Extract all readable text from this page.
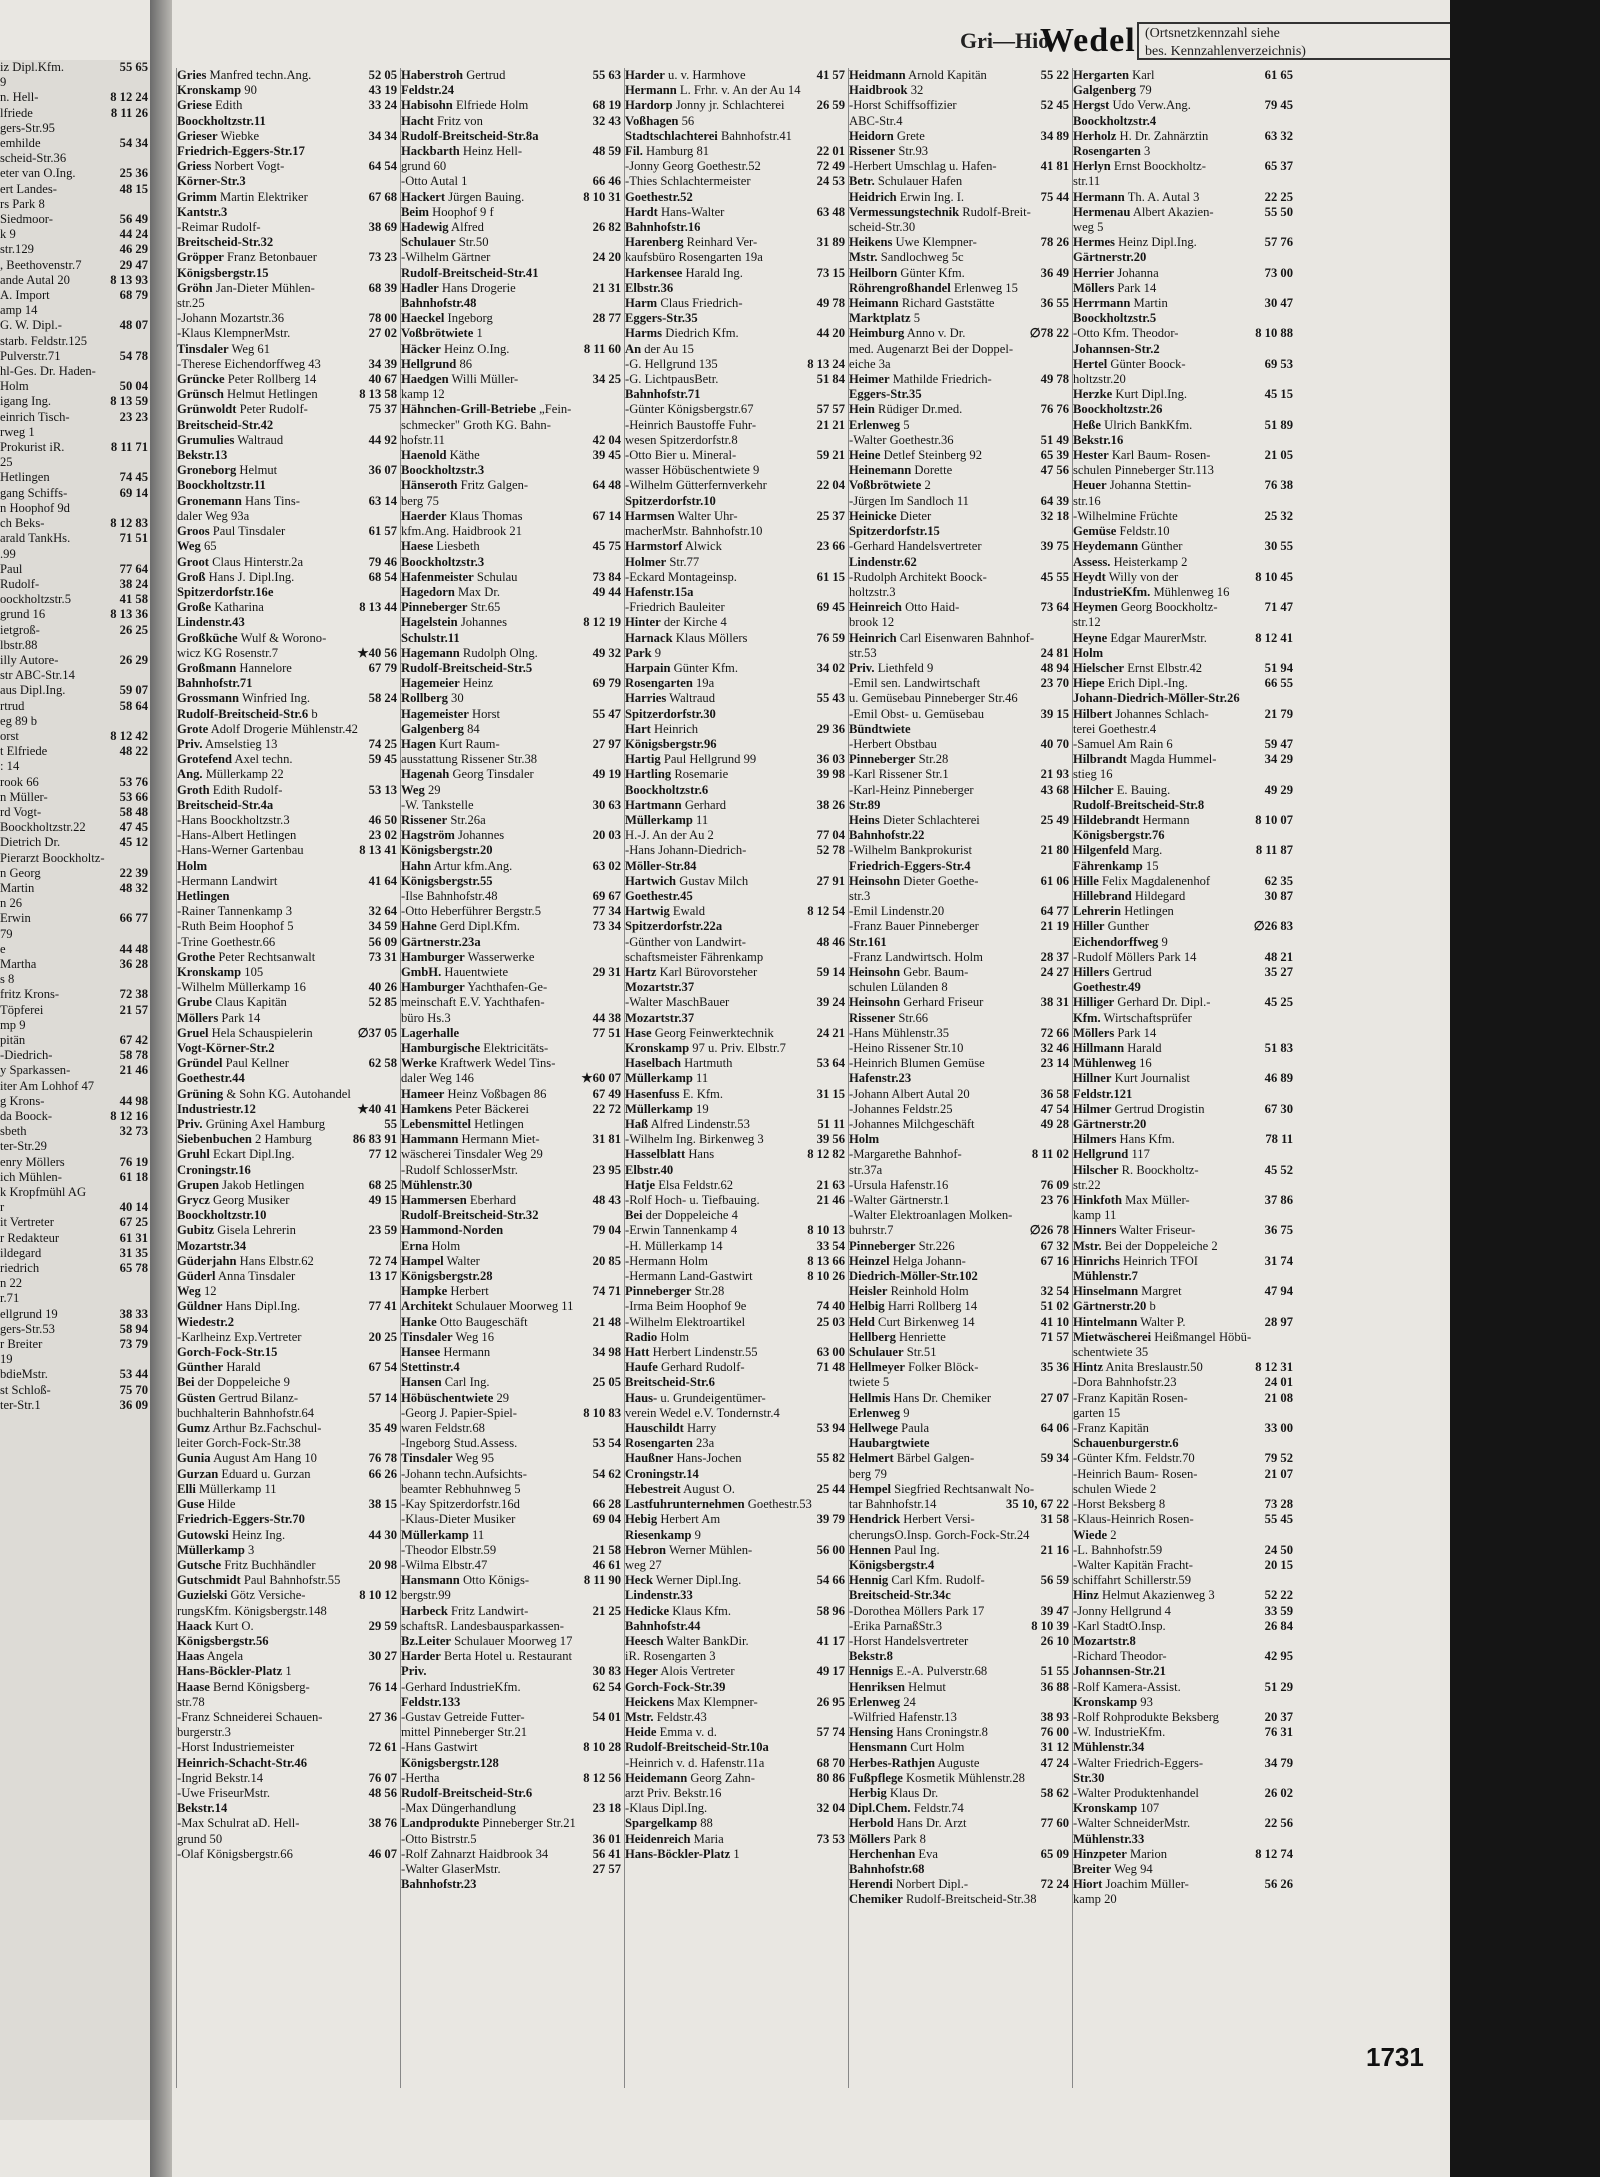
iz Dipl.Kfm.	55 65
9
n. Hell-	8 12 24
lfriede	8 11 26
gers-Str.95
emhilde	54 34
scheid-Str.36
eter van O.Ing.	25 36
ert Landes-	48 15
rs Park 8
Siedmoor-	56 49
k 9	44 24
str.129	46 29
, Beethovenstr.7	29 47
ande Autal 20	8 13 93
A. Import	68 79
amp 14
G. W. Dipl.-	48 07
starb. Feldstr.125
Pulverstr.71	54 78
hl-Ges. Dr. Haden-
Holm	50 04
igang Ing.	8 13 59
einrich Tisch-	23 23
rweg 1
Prokurist iR.	8 11 71
25
Hetlingen	74 45
gang Schiffs-	69 14
n Hoophof 9d
ch Beks-	8 12 83
arald TankHs.	71 51
.99
Paul	77 64
Rudolf-	38 24
oockholtzstr.5	41 58
grund 16	8 13 36
ietgroß-	26 25
lbstr.88
illy Autore-	26 29
str ABC-Str.14
aus Dipl.Ing.	59 07
rtrud	58 64
eg 89 b
orst	8 12 42
t Elfriede	48 22
: 14
rook 66	53 76
n Müller-	53 66
rd Vogt-	58 48
Boockholtzstr.22	47 45
Dietrich Dr.	45 12
Pierarzt Boockholtz-
n Georg	22 39
Martin	48 32
n 26
Erwin	66 77
79
e	44 48
Martha	36 28
s 8
fritz Krons-	72 38
Töpferei	21 57
mp 9
pitän	67 42
-Diedrich-	58 78
y Sparkassen-	21 46
iter Am Lohhof 47
g Krons-	44 98
da Boock-	8 12 16
sbeth	32 73
ter-Str.29
enry Möllers	76 19
ich Mühlen-	61 18
k Kropfmühl AG
r	40 14
it Vertreter	67 25
r Redakteur	61 31
ildegard	31 35
riedrich	65 78
n 22
r.71
ellgrund 19	38 33
gers-Str.53	58 94
r Breiter	73 79
19
bdieMstr.	53 44
st Schloß-	75 70
ter-Str.1	36 09
Gri—Hio
Wedel (Ortsnetzkennzahl siehe
bes. Kennzahlenverzeichnis)
Gries Manfred techn.Ang.	52 05
Kronskamp 90	43 19
Griese Edith	33 24
Boockholtzstr.11
Grieser Wiebke	34 34
Friedrich-Eggers-Str.17
Griess Norbert Vogt-	64 54
Körner-Str.3
Grimm Martin Elektriker	67 68
Kantstr.3
-Reimar Rudolf-	38 69
Breitscheid-Str.32
Gröpper Franz Betonbauer	73 23
Königsbergstr.15
Gröhn Jan-Dieter Mühlen-	68 39
str.25
-Johann Mozartstr.36	78 00
-Klaus KlempnerMstr.	27 02
Tinsdaler Weg 61
-Therese Eichendorffweg 43	34 39
Grüncke Peter Rollberg 14	40 67
Grünsch Helmut Hetlingen	8 13 58
Grünwoldt Peter Rudolf-	75 37
Breitscheid-Str.42
Grumulies Waltraud	44 92
Bekstr.13
Groneborg Helmut	36 07
Boockholtzstr.11
Gronemann Hans Tins-	63 14
daler Weg 93a
Groos Paul Tinsdaler	61 57
Weg 65
Groot Claus Hinterstr.2a	79 46
Groß Hans J. Dipl.Ing.	68 54
Spitzerdorfstr.16e
Große Katharina	8 13 44
Lindenstr.43
Großküche Wulf & Worono-
wicz KG Rosenstr.7	★40 56
Großmann Hannelore	67 79
Bahnhofstr.71
Grossmann Winfried Ing.	58 24
Rudolf-Breitscheid-Str.6 b
Grote Adolf Drogerie Mühlenstr.42
Priv. Amselstieg 13	74 25
Grotefend Axel techn.	59 45
Ang. Müllerkamp 22
Groth Edith Rudolf-	53 13
Breitscheid-Str.4a
-Hans Boockholtzstr.3	46 50
-Hans-Albert Hetlingen	23 02
-Hans-Werner Gartenbau	8 13 41
Holm
-Hermann Landwirt	41 64
Hetlingen
-Rainer Tannenkamp 3	32 64
-Ruth Beim Hoophof 5	34 59
-Trine Goethestr.66	56 09
Grothe Peter Rechtsanwalt	73 31
Kronskamp 105
-Wilhelm Müllerkamp 16	40 26
Grube Claus Kapitän	52 85
Möllers Park 14
Gruel Hela Schauspielerin	∅37 05
Vogt-Körner-Str.2
Gründel Paul Kellner	62 58
Goethestr.44
Grüning & Sohn KG. Autohandel
Industriestr.12	★40 41
Priv. Grüning Axel Hamburg	55
Siebenbuchen 2 Hamburg	86 83 91
Gruhl Eckart Dipl.Ing.	77 12
Croningstr.16
Grupen Jakob Hetlingen	68 25
Grycz Georg Musiker	49 15
Boockholtzstr.10
Gubitz Gisela Lehrerin	23 59
Mozartstr.34
Güderjahn Hans Elbstr.62	72 74
Güderl Anna Tinsdaler	13 17
Weg 12
Güldner Hans Dipl.Ing.	77 41
Wiedestr.2
-Karlheinz Exp.Vertreter	20 25
Gorch-Fock-Str.15
Günther Harald	67 54
Bei der Doppeleiche 9
Güsten Gertrud Bilanz-	57 14
buchhalterin Bahnhofstr.64
Gumz Arthur Bz.Fachschul-	35 49
leiter Gorch-Fock-Str.38
Gunia August Am Hang 10	76 78
Gurzan Eduard u. Gurzan	66 26
Elli Müllerkamp 11
Guse Hilde	38 15
Friedrich-Eggers-Str.70
Gutowski Heinz Ing.	44 30
Müllerkamp 3
Gutsche Fritz Buchhändler	20 98
Gutschmidt Paul Bahnhofstr.55
Guzielski Götz Versiche-	8 10 12
rungsKfm. Königsbergstr.148
Haack Kurt O.	29 59
Königsbergstr.56
Haas Angela	30 27
Hans-Böckler-Platz 1
Haase Bernd Königsberg-	76 14
str.78
-Franz Schneiderei Schauen-	27 36
burgerstr.3
-Horst Industriemeister	72 61
Heinrich-Schacht-Str.46
-Ingrid Bekstr.14	76 07
-Uwe FriseurMstr.	48 56
Bekstr.14
-Max Schulrat aD. Hell-	38 76
grund 50
-Olaf Königsbergstr.66	46 07
Haberstroh Gertrud	55 63
Feldstr.24
Habisohn Elfriede Holm	68 19
Hacht Fritz von	32 43
Rudolf-Breitscheid-Str.8a
Hackbarth Heinz Hell-	48 59
grund 60
-Otto Autal 1	66 46
Hackert Jürgen Bauing.	8 10 31
Beim Hoophof 9 f
Hadewig Alfred	26 82
Schulauer Str.50
-Wilhelm Gärtner	24 20
Rudolf-Breitscheid-Str.41
Hadler Hans Drogerie	21 31
Bahnhofstr.48
Haeckel Ingeborg	28 77
Voßbrötwiete 1
Häcker Heinz O.Ing.	8 11 60
Hellgrund 86
Haedgen Willi Müller-	34 25
kamp 12
Hähnchen-Grill-Betriebe „Fein-
schmecker" Groth KG. Bahn-
hofstr.11	42 04
Haenold Käthe	39 45
Boockholtzstr.3
Hänseroth Fritz Galgen-	64 48
berg 75
Haerder Klaus Thomas	67 14
kfm.Ang. Haidbrook 21
Haese Liesbeth	45 75
Boockholtzstr.3
Hafenmeister Schulau	73 84
Hagedorn Max Dr.	49 44
Pinneberger Str.65
Hagelstein Johannes	8 12 19
Schulstr.11
Hagemann Rudolph Olng.	49 32
Rudolf-Breitscheid-Str.5
Hagemeier Heinz	69 79
Rollberg 30
Hagemeister Horst	55 47
Galgenberg 84
Hagen Kurt Raum-	27 97
ausstattung Rissener Str.38
Hagenah Georg Tinsdaler	49 19
Weg 29
-W. Tankstelle	30 63
Rissener Str.26a
Hagström Johannes	20 03
Königsbergstr.20
Hahn Artur kfm.Ang.	63 02
Königsbergstr.55
-Ilse Bahnhofstr.48	69 67
-Otto Heberführer Bergstr.5	77 34
Hahne Gerd Dipl.Kfm.	73 34
Gärtnerstr.23a
Hamburger Wasserwerke
GmbH. Hauentwiete	29 31
Hamburger Yachthafen-Ge-
meinschaft E.V. Yachthafen-
büro Hs.3	44 38
Lagerhalle	77 51
Hamburgische Elektricitäts-
Werke Kraftwerk Wedel Tins-
daler Weg 146	★60 07
Hameer Heinz Voßbagen 86	67 49
Hamkens Peter Bäckerei	22 72
Lebensmittel Hetlingen
Hammann Hermann Miet-	31 81
wäscherei Tinsdaler Weg 29
-Rudolf SchlosserMstr.	23 95
Mühlenstr.30
Hammersen Eberhard	48 43
Rudolf-Breitscheid-Str.32
Hammond-Norden	79 04
Erna Holm
Hampel Walter	20 85
Königsbergstr.28
Hampke Herbert	74 71
Architekt Schulauer Moorweg 11
Hanke Otto Baugeschäft	21 48
Tinsdaler Weg 16
Hansee Hermann	34 98
Stettinstr.4
Hansen Carl Ing.	25 05
Höbüschentwiete 29
-Georg J. Papier-Spiel-	8 10 83
waren Feldstr.68
-Ingeborg Stud.Assess.	53 54
Tinsdaler Weg 95
-Johann techn.Aufsichts-	54 62
beamter Rebhuhnweg 5
-Kay Spitzerdorfstr.16d	66 28
-Klaus-Dieter Musiker	69 04
Müllerkamp 11
-Theodor Elbstr.59	21 58
-Wilma Elbstr.47	46 61
Hansmann Otto Königs-	8 11 90
bergstr.99
Harbeck Fritz Landwirt-	21 25
schaftsR. Landesbausparkassen-
Bz.Leiter Schulauer Moorweg 17
Harder Berta Hotel u. Restaurant
Priv.	30 83
-Gerhard IndustrieKfm.	62 54
Feldstr.133
-Gustav Getreide Futter-	54 01
mittel Pinneberger Str.21
-Hans Gastwirt	8 10 28
Königsbergstr.128
-Hertha	8 12 56
Rudolf-Breitscheid-Str.6
-Max Düngerhandlung	23 18
Landprodukte Pinneberger Str.21
-Otto Bistrstr.5	36 01
-Rolf Zahnarzt Haidbrook 34	56 41
-Walter GlaserMstr.	27 57
Bahnhofstr.23
Harder u. v. Harmhove	41 57
Hermann L. Frhr. v. An der Au 14
Hardorp Jonny jr. Schlachterei	26 59
Voßhagen 56
Stadtschlachterei Bahnhofstr.41
Fil. Hamburg 81	22 01
-Jonny Georg Goethestr.52	72 49
-Thies Schlachtermeister	24 53
Goethestr.52
Hardt Hans-Walter	63 48
Bahnhofstr.16
Harenberg Reinhard Ver-	31 89
kaufsbüro Rosengarten 19a
Harkensee Harald Ing.	73 15
Elbstr.36
Harm Claus Friedrich-	49 78
Eggers-Str.35
Harms Diedrich Kfm.	44 20
An der Au 15
-G. Hellgrund 135	8 13 24
-G. LichtpausBetr.	51 84
Bahnhofstr.71
-Günter Königsbergstr.67	57 57
-Heinrich Baustoffe Fuhr-	21 21
wesen Spitzerdorfstr.8
-Otto Bier u. Mineral-	59 21
wasser Höbüschentwiete 9
-Wilhelm Gütterfernverkehr	22 04
Spitzerdorfstr.10
Harmsen Walter Uhr-	25 37
macherMstr. Bahnhofstr.10
Harmstorf Alwick	23 66
Holmer Str.77
-Eckard Montageinsp.	61 15
Hafenstr.15a
-Friedrich Bauleiter	69 45
Hinter der Kirche 4
Harnack Klaus Möllers	76 59
Park 9
Harpain Günter Kfm.	34 02
Rosengarten 19a
Harries Waltraud	55 43
Spitzerdorfstr.30
Hart Heinrich	29 36
Königsbergstr.96
Hartig Paul Hellgrund 99	36 03
Hartling Rosemarie	39 98
Boockholtzstr.6
Hartmann Gerhard	38 26
Müllerkamp 11
H.-J. An der Au 2	77 04
-Hans Johann-Diedrich-	52 78
Möller-Str.84
Hartwich Gustav Milch	27 91
Goethestr.45
Hartwig Ewald	8 12 54
Spitzerdorfstr.22a
-Günther von Landwirt-	48 46
schaftsmeister Fährenkamp
Hartz Karl Bürovorsteher	59 14
Mozartstr.37
-Walter MaschBauer	39 24
Mozartstr.37
Hase Georg Feinwerktechnik	24 21
Kronskamp 97 u. Priv. Elbstr.7
Haselbach Hartmuth	53 64
Müllerkamp 11
Hasenfuss E. Kfm.	31 15
Müllerkamp 19
Haß Alfred Lindenstr.53	51 11
-Wilhelm Ing. Birkenweg 3	39 56
Hasselblatt Hans	8 12 82
Elbstr.40
Hatje Elsa Feldstr.62	21 63
-Rolf Hoch- u. Tiefbauing.	21 46
Bei der Doppeleiche 4
-Erwin Tannenkamp 4	8 10 13
-H. Müllerkamp 14	33 54
-Hermann Holm	8 13 66
-Hermann Land-Gastwirt	8 10 26
Pinneberger Str.28
-Irma Beim Hoophof 9e	74 40
-Wilhelm Elektroartikel	25 03
Radio Holm
Hatt Herbert Lindenstr.55	63 00
Haufe Gerhard Rudolf-	71 48
Breitscheid-Str.6
Haus- u. Grundeigentümer-
verein Wedel e.V. Tondernstr.4
Hauschildt Harry	53 94
Rosengarten 23a
Haußner Hans-Jochen	55 82
Croningstr.14
Hebestreit August O.	25 44
Lastfuhrunternehmen Goethestr.53
Hebig Herbert Am	39 79
Riesenkamp 9
Hebron Werner Mühlen-	56 00
weg 27
Heck Werner Dipl.Ing.	54 66
Lindenstr.33
Hedicke Klaus Kfm.	58 96
Bahnhofstr.44
Heesch Walter BankDir.	41 17
iR. Rosengarten 3
Heger Alois Vertreter	49 17
Gorch-Fock-Str.39
Heickens Max Klempner-	26 95
Mstr. Feldstr.43
Heide Emma v. d.	57 74
Rudolf-Breitscheid-Str.10a
-Heinrich v. d. Hafenstr.11a	68 70
Heidemann Georg Zahn-	80 86
arzt Priv. Bekstr.16
-Klaus Dipl.Ing.	32 04
Spargelkamp 88
Heidenreich Maria	73 53
Hans-Böckler-Platz 1
Heidmann Arnold Kapitän	55 22
Haidbrook 32
-Horst Schiffsoffizier	52 45
ABC-Str.4
Heidorn Grete	34 89
Rissener Str.93
-Herbert Umschlag u. Hafen-	41 81
Betr. Schulauer Hafen
Heidrich Erwin Ing. I.	75 44
Vermessungstechnik Rudolf-Breit-
scheid-Str.30
Heikens Uwe Klempner-	78 26
Mstr. Sandlochweg 5c
Heilborn Günter Kfm.	36 49
Röhrengroßhandel Erlenweg 15
Heimann Richard Gaststätte	36 55
Marktplatz 5
Heimburg Anno v. Dr.	∅78 22
med. Augenarzt Bei der Doppel-
eiche 3a
Heimer Mathilde Friedrich-	49 78
Eggers-Str.35
Hein Rüdiger Dr.med.	76 76
Erlenweg 5
-Walter Goethestr.36	51 49
Heine Detlef Steinberg 92	65 39
Heinemann Dorette	47 56
Voßbrötwiete 2
-Jürgen Im Sandloch 11	64 39
Heinicke Dieter	32 18
Spitzerdorfstr.15
-Gerhard Handelsvertreter	39 75
Lindenstr.62
-Rudolph Architekt Boock-	45 55
holtzstr.3
Heinreich Otto Haid-	73 64
brook 12
Heinrich Carl Eisenwaren Bahnhof-
str.53	24 81
Priv. Liethfeld 9	48 94
-Emil sen. Landwirtschaft	23 70
u. Gemüsebau Pinneberger Str.46
-Emil Obst- u. Gemüsebau	39 15
Bündtwiete
-Herbert Obstbau	40 70
Pinneberger Str.28
-Karl Rissener Str.1	21 93
-Karl-Heinz Pinneberger	43 68
Str.89
Heins Dieter Schlachterei	25 49
Bahnhofstr.22
-Wilhelm Bankprokurist	21 80
Friedrich-Eggers-Str.4
Heinsohn Dieter Goethe-	61 06
str.3
-Emil Lindenstr.20	64 77
-Franz Bauer Pinneberger	21 19
Str.161
-Franz Landwirtsch. Holm	28 37
Heinsohn Gebr. Baum-	24 27
schulen Lülanden 8
Heinsohn Gerhard Friseur	38 31
Rissener Str.66
-Hans Mühlenstr.35	72 66
-Heino Rissener Str.10	32 46
-Heinrich Blumen Gemüse	23 14
Hafenstr.23
-Johann Albert Autal 20	36 58
-Johannes Feldstr.25	47 54
-Johannes Milchgeschäft	49 28
Holm
-Margarethe Bahnhof-	8 11 02
str.37a
-Ursula Hafenstr.16	76 09
-Walter Gärtnerstr.1	23 76
-Walter Elektroanlagen Molken-
buhrstr.7	∅26 78
Pinneberger Str.226	67 32
Heinzel Helga Johann-	67 16
Diedrich-Möller-Str.102
Heisler Reinhold Holm	32 54
Helbig Harri Rollberg 14	51 02
Held Curt Birkenweg 14	41 10
Hellberg Henriette	71 57
Schulauer Str.51
Hellmeyer Folker Blöck-	35 36
twiete 5
Hellmis Hans Dr. Chemiker	27 07
Erlenweg 9
Hellwege Paula	64 06
Haubargtwiete
Helmert Bärbel Galgen-	59 34
berg 79
Hempel Siegfried Rechtsanwalt No-
tar Bahnhofstr.14	35 10, 67 22
Hendrick Herbert Versi-	31 58
cherungsO.Insp. Gorch-Fock-Str.24
Hennen Paul Ing.	21 16
Königsbergstr.4
Hennig Carl Kfm. Rudolf-	56 59
Breitscheid-Str.34c
-Dorothea Möllers Park 17	39 47
-Erika ParnaßStr.3	8 10 39
-Horst Handelsvertreter	26 10
Bekstr.8
Hennigs E.-A. Pulverstr.68	51 55
Henriksen Helmut	36 88
Erlenweg 24
-Wilfried Hafenstr.13	38 93
Hensing Hans Croningstr.8	76 00
Hensmann Curt Holm	31 12
Herbes-Rathjen Auguste	47 24
Fußpflege Kosmetik Mühlenstr.28
Herbig Klaus Dr.	58 62
Dipl.Chem. Feldstr.74
Herbold Hans Dr. Arzt	77 60
Möllers Park 8
Herchenhan Eva	65 09
Bahnhofstr.68
Herendi Norbert Dipl.-	72 24
Chemiker Rudolf-Breitscheid-Str.38
Hergarten Karl	61 65
Galgenberg 79
Hergst Udo Verw.Ang.	79 45
Boockholtzstr.4
Herholz H. Dr. Zahnärztin	63 32
Rosengarten 3
Herlyn Ernst Boockholtz-	65 37
str.11
Hermann Th. A. Autal 3	22 25
Hermenau Albert Akazien-	55 50
weg 5
Hermes Heinz Dipl.Ing.	57 76
Gärtnerstr.20
Herrier Johanna	73 00
Möllers Park 14
Herrmann Martin	30 47
Boockholtzstr.5
-Otto Kfm. Theodor-	8 10 88
Johannsen-Str.2
Hertel Günter Boock-	69 53
holtzstr.20
Herzke Kurt Dipl.Ing.	45 15
Boockholtzstr.26
Heße Ulrich BankKfm.	51 89
Bekstr.16
Hester Karl Baum- Rosen-	21 05
schulen Pinneberger Str.113
Heuer Johanna Stettin-	76 38
str.16
-Wilhelmine Früchte	25 32
Gemüse Feldstr.10
Heydemann Günther	30 55
Assess. Heisterkamp 2
Heydt Willy von der	8 10 45
IndustrieKfm. Mühlenweg 16
Heymen Georg Boockholtz-	71 47
str.12
Heyne Edgar MaurerMstr.	8 12 41
Holm
Hielscher Ernst Elbstr.42	51 94
Hiepe Erich Dipl.-Ing.	66 55
Johann-Diedrich-Möller-Str.26
Hilbert Johannes Schlach-	21 79
terei Goethestr.4
-Samuel Am Rain 6	59 47
Hilbrandt Magda Hummel-	34 29
stieg 16
Hilcher E. Bauing.	49 29
Rudolf-Breitscheid-Str.8
Hildebrandt Hermann	8 10 07
Königsbergstr.76
Hilgenfeld Marg.	8 11 87
Fährenkamp 15
Hille Felix Magdalenenhof	62 35
Hillebrand Hildegard	30 87
Lehrerin Hetlingen
Hiller Gunther	∅26 83
Eichendorffweg 9
-Rudolf Möllers Park 14	48 21
Hillers Gertrud	35 27
Goethestr.49
Hilliger Gerhard Dr. Dipl.-	45 25
Kfm. Wirtschaftsprüfer
Möllers Park 14
Hillmann Harald	51 83
Mühlenweg 16
Hillner Kurt Journalist	46 89
Feldstr.121
Hilmer Gertrud Drogistin	67 30
Gärtnerstr.20
Hilmers Hans Kfm.	78 11
Hellgrund 117
Hilscher R. Boockholtz-	45 52
str.22
Hinkfoth Max Müller-	37 86
kamp 11
Hinners Walter Friseur-	36 75
Mstr. Bei der Doppeleiche 2
Hinrichs Heinrich TFOI	31 74
Mühlenstr.7
Hinselmann Margret	47 94
Gärtnerstr.20 b
Hintelmann Walter P.	28 97
Mietwäscherei Heißmangel Höbü-
schentwiete 35
Hintz Anita Breslaustr.50	8 12 31
-Dora Bahnhofstr.23	24 01
-Franz Kapitän Rosen-	21 08
garten 15
-Franz Kapitän	33 00
Schauenburgerstr.6
-Günter Kfm. Feldstr.70	79 52
-Heinrich Baum- Rosen-	21 07
schulen Wiede 2
-Horst Beksberg 8	73 28
-Klaus-Heinrich Rosen-	55 45
Wiede 2
-L. Bahnhofstr.59	24 50
-Walter Kapitän Fracht-	20 15
schiffahrt Schillerstr.59
Hinz Helmut Akazienweg 3	52 22
-Jonny Hellgrund 4	33 59
-Karl StadtO.Insp.	26 84
Mozartstr.8
-Richard Theodor-	42 95
Johannsen-Str.21
-Rolf Kamera-Assist.	51 29
Kronskamp 93
-Rolf Rohprodukte Beksberg	20 37
-W. IndustrieKfm.	76 31
Mühlenstr.34
-Walter Friedrich-Eggers-	34 79
Str.30
-Walter Produktenhandel	26 02
Kronskamp 107
-Walter SchneiderMstr.	22 56
Mühlenstr.33
Hinzpeter Marion	8 12 74
Breiter Weg 94
Hiort Joachim Müller-	56 26
kamp 20
1731
